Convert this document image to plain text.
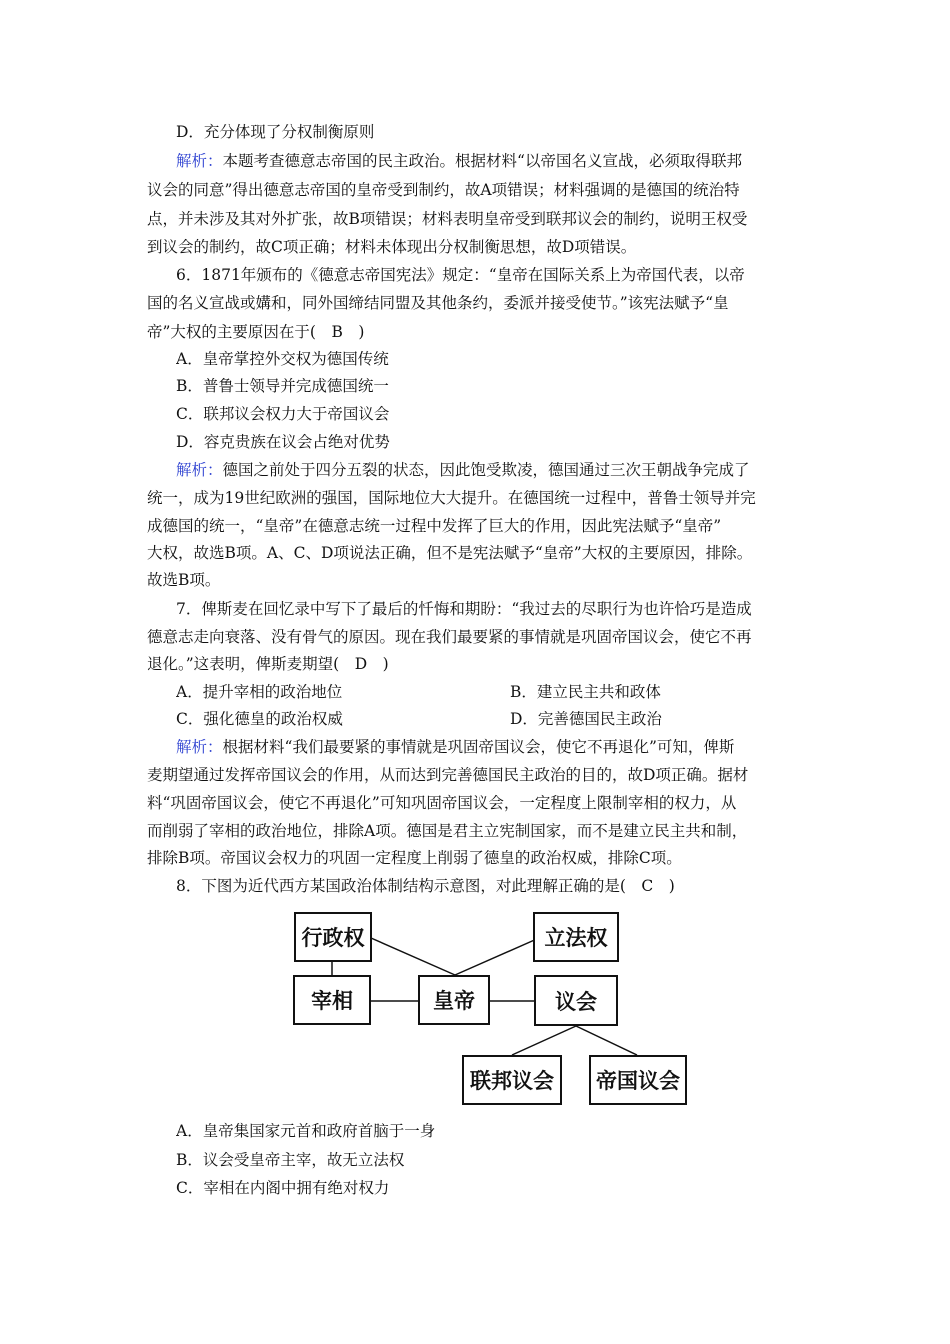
D．充分体现了分权制衡原则
解析：本题考查德意志帝国的民主政治。根据材料“以帝国名义宣战，必须取得联邦
议会的同意”得出德意志帝国的皇帝受到制约，故A项错误；材料强调的是德国的统治特
点，并未涉及其对外扩张，故B项错误；材料表明皇帝受到联邦议会的制约，说明王权受
到议会的制约，故C项正确；材料未体现出分权制衡思想，故D项错误。
6．1871年颁布的《德意志帝国宪法》规定：“皇帝在国际关系上为帝国代表，以帝
国的名义宣战或媾和，同外国缔结同盟及其他条约，委派并接受使节。”该宪法赋予“皇
帝”大权的主要原因在于(　B　)
A．皇帝掌控外交权为德国传统
B．普鲁士领导并完成德国统一
C．联邦议会权力大于帝国议会
D．容克贵族在议会占绝对优势
解析：德国之前处于四分五裂的状态，因此饱受欺凌，德国通过三次王朝战争完成了
统一，成为19世纪欧洲的强国，国际地位大大提升。在德国统一过程中，普鲁士领导并完
成德国的统一，“皇帝”在德意志统一过程中发挥了巨大的作用，因此宪法赋予“皇帝”
大权，故选B项。A、C、D项说法正确，但不是宪法赋予“皇帝”大权的主要原因，排除。
故选B项。
7．俾斯麦在回忆录中写下了最后的忏悔和期盼：“我过去的尽职行为也许恰巧是造成
德意志走向衰落、没有骨气的原因。现在我们最要紧的事情就是巩固帝国议会，使它不再
退化。”这表明，俾斯麦期望(　D　)
A．提升宰相的政治地位	B．建立民主共和政体
C．强化德皇的政治权威	D．完善德国民主政治
解析：根据材料“我们最要紧的事情就是巩固帝国议会，使它不再退化”可知，俾斯
麦期望通过发挥帝国议会的作用，从而达到完善德国民主政治的目的，故D项正确。据材
料“巩固帝国议会，使它不再退化”可知巩固帝国议会，一定程度上限制宰相的权力，从
而削弱了宰相的政治地位，排除A项。德国是君主立宪制国家，而不是建立民主共和制，
排除B项。帝国议会权力的巩固一定程度上削弱了德皇的政治权威，排除C项。
8．下图为近代西方某国政治体制结构示意图，对此理解正确的是(　C　)
行政权	立法权
宰相	皇帝	议会
联邦议会	帝国议会
A．皇帝集国家元首和政府首脑于一身
B．议会受皇帝主宰，故无立法权
C．宰相在内阁中拥有绝对权力
